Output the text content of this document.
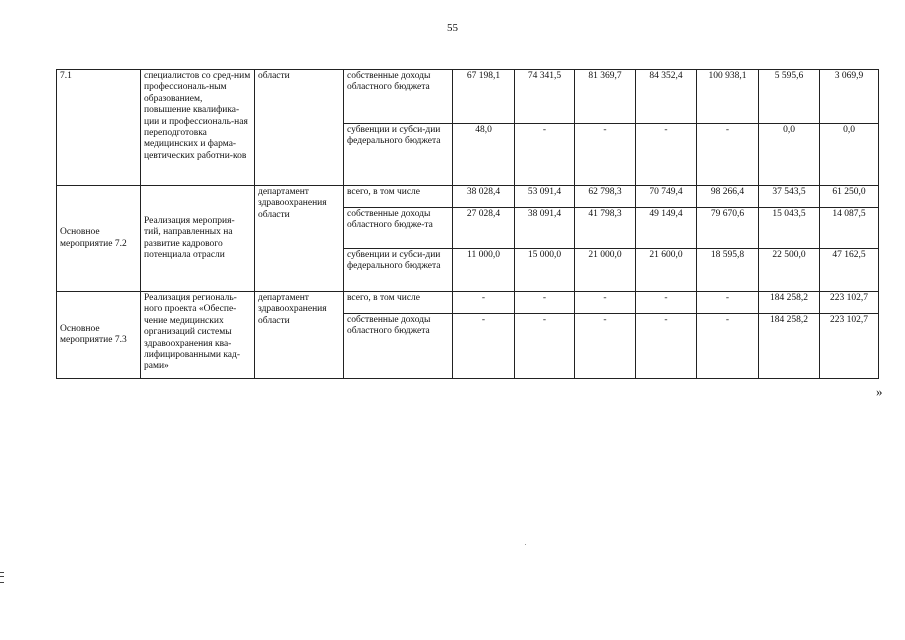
55
7.1	специалистов со сред-ним профессиональ-ным образованием, повышение квалифика-ции и профессиональ-ная переподготовка медицинских и фарма-цевтических работни-ков	области	собственные доходы областного бюджета	67 198,1	74 341,5	81 369,7	84 352,4	100 938,1	5 595,6	3 069,9
			субвенции и субси-дии федерального бюджета	48,0	-	-	-	-	0,0	0,0
Основное мероприятие 7.2	Реализация мероприя-тий, направленных на развитие кадрового потенциала отрасли	департамент здравоохранения области	всего, в том числе	38 028,4	53 091,4	62 798,3	70 749,4	98 266,4	37 543,5	61 250,0
			собственные доходы областного бюдже-та	27 028,4	38 091,4	41 798,3	49 149,4	79 670,6	15 043,5	14 087,5
			субвенции и субси-дии федерального бюджета	11 000,0	15 000,0	21 000,0	21 600,0	18 595,8	22 500,0	47 162,5
Основное мероприятие 7.3	Реализация региональ-ного проекта «Обеспе-чение медицинских организаций системы здравоохранения ква-лифицированными кад-рами»	департамент здравоохранения области	всего, в том числе	-	-	-	-	-	184 258,2	223 102,7
			собственные доходы областного бюджета	-	-	-	-	-	184 258,2	223 102,7
»
